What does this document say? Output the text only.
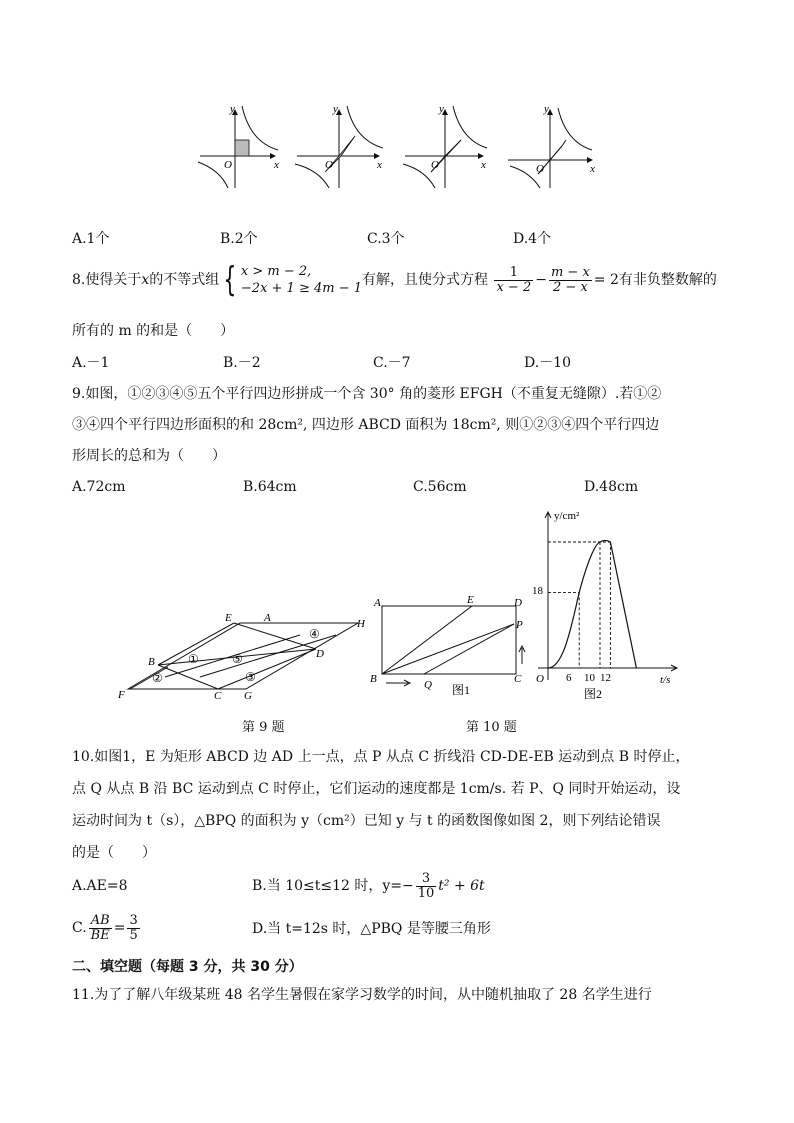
y
x
O
y
x
O
y
x
O
y
x
O
A.1个	B.2个	C.3个	D.4个
8.使得关于x的不等式组 { x > m − 2,
−2x + 1 ≥ 4m − 1
有解，且使分式方程 $\frac{1}{x - 2} - \frac{m - x}{2 - x} = 2$有非负整数解的
所有的 m 的和是（　　）
A.－1	B.－2	C.－7	D.－10
9.如图，①②③④⑤五个平行四边形拼成一个含 30° 角的菱形 EFGH（不重复无缝隙）.若①②
③④四个平行四边形面积的和 28cm², 四边形 ABCD 面积为 18cm², 则①②③④四个平行四边
形周长的总和为（　　）
A.72cm	B.64cm	C.56cm	D.48cm
E	A	H
B
D
F	C G
①
②	③
④
⑤
第 9 题
A	E	D
P
B	Q	C
图1
y/cm²
t/s
O
18
6 10 12
图2
第 10 题
10.如图1，E 为矩形 ABCD 边 AD 上一点，点 P 从点 C 折线沿 CD-DE-EB 运动到点 B 时停止，
点 Q 从点 B 沿 BC 运动到点 C 时停止，它们运动的速度都是 1cm/s. 若 P、Q 同时开始运动，设
运动时间为 t（s），△BPQ 的面积为 y（cm²）已知 y 与 t 的函数图像如图 2，则下列结论错误
的是（　　）
A.AE=8	B.当 10≤t≤12 时，$y=- \frac{3}{10} t^2 + 6t$
C. $\frac{AB}{BE} = \frac{3}{5}$	D.当 t=12s 时，△PBQ 是等腰三角形
二、填空题（每题 3 分，共 30 分）
11.为了了解八年级某班 48 名学生暑假在家学习数学的时间，从中随机抽取了 28 名学生进行
